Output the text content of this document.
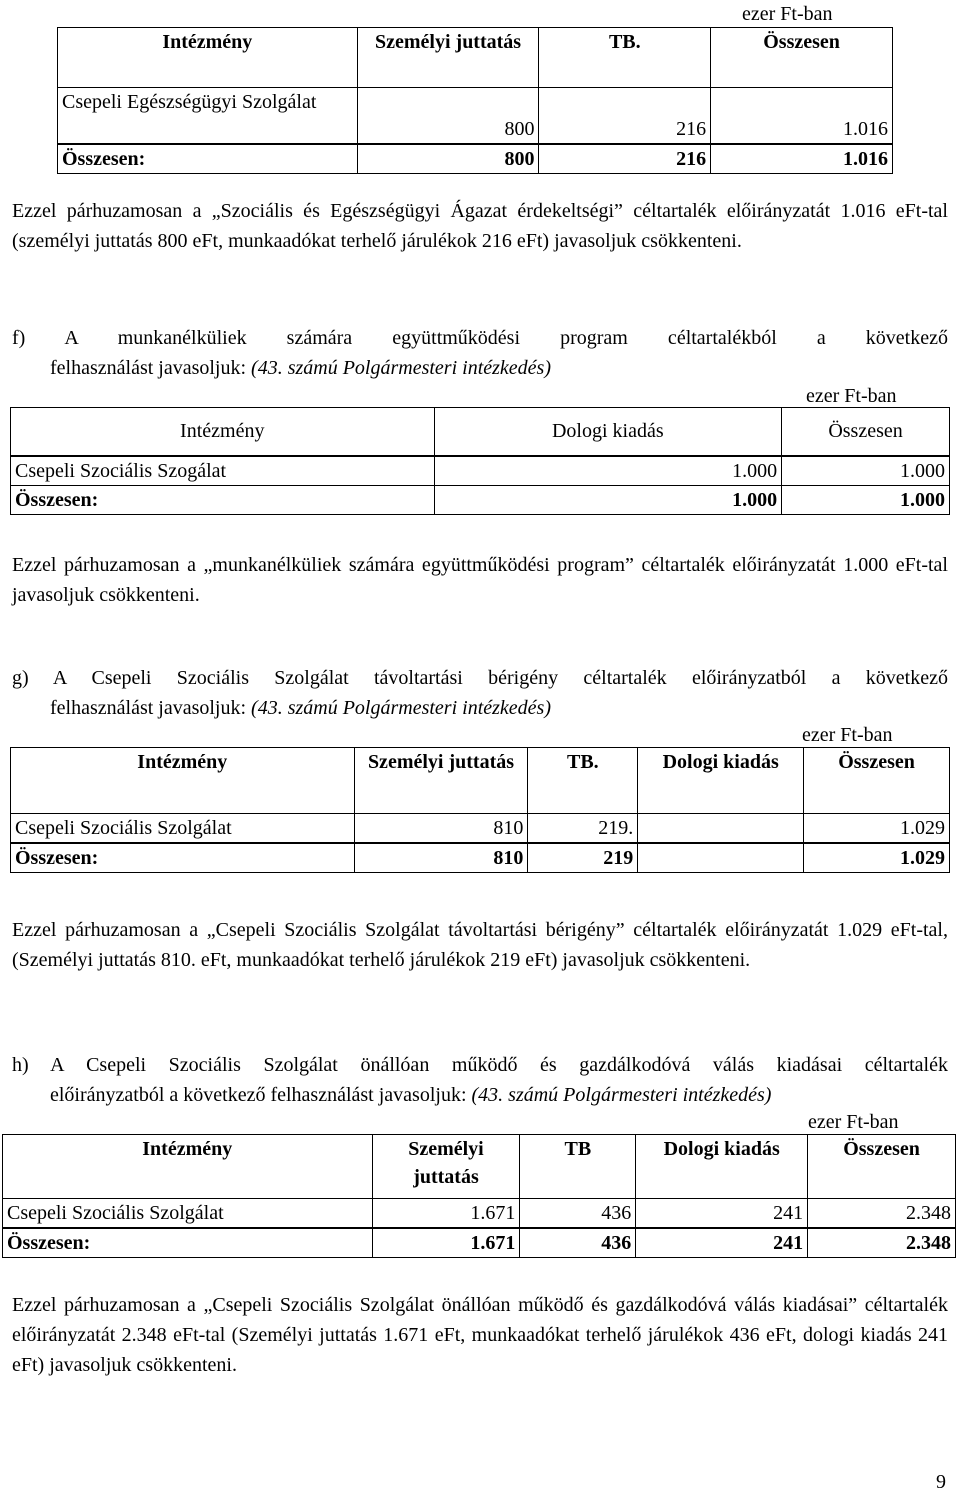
ezer Ft-ban
Intézmény	Személyi juttatás	TB.	Összesen
Csepeli Egészségügyi Szolgálat	800	216	1.016
Összesen:	800	216	1.016
Ezzel párhuzamosan a „Szociális és Egészségügyi Ágazat érdekeltségi” céltartalék előirányzatát 1.016 eFt-tal (személyi juttatás 800 eFt, munkaadókat terhelő járulékok 216 eFt) javasoljuk csökkenteni.
f) A munkanélküliek számára együttműködési program céltartalékból a következő
felhasználást javasoljuk: (43. számú Polgármesteri intézkedés)
ezer Ft-ban
Intézmény	Dologi kiadás	Összesen
Csepeli Szociális Szogálat	1.000	1.000
Összesen:	1.000	1.000
Ezzel párhuzamosan a „munkanélküliek számára együttműködési program” céltartalék előirányzatát 1.000 eFt-tal javasoljuk csökkenteni.
g) A Csepeli Szociális Szolgálat távoltartási bérigény céltartalék előirányzatból a következő
felhasználást javasoljuk: (43. számú Polgármesteri intézkedés)
ezer Ft-ban
Intézmény	Személyi juttatás	TB.	Dologi kiadás	Összesen
Csepeli Szociális Szolgálat	810	219.		1.029
Összesen:	810	219		1.029
Ezzel párhuzamosan a „Csepeli Szociális Szolgálat távoltartási bérigény” céltartalék előirányzatát 1.029 eFt-tal, (Személyi juttatás 810. eFt, munkaadókat terhelő járulékok 219 eFt) javasoljuk csökkenteni.
h) A Csepeli Szociális Szolgálat önállóan működő és gazdálkodóvá válás kiadásai céltartalék
előirányzatból a következő felhasználást javasoljuk: (43. számú Polgármesteri intézkedés)
ezer Ft-ban
Intézmény	Személyi juttatás	TB	Dologi kiadás	Összesen
Csepeli Szociális Szolgálat	1.671	436	241	2.348
Összesen:	1.671	436	241	2.348
Ezzel párhuzamosan a „Csepeli Szociális Szolgálat önállóan működő és gazdálkodóvá válás kiadásai” céltartalék előirányzatát 2.348 eFt-tal (Személyi juttatás 1.671 eFt, munkaadókat terhelő járulékok 436 eFt, dologi kiadás 241 eFt) javasoljuk csökkenteni.
9
